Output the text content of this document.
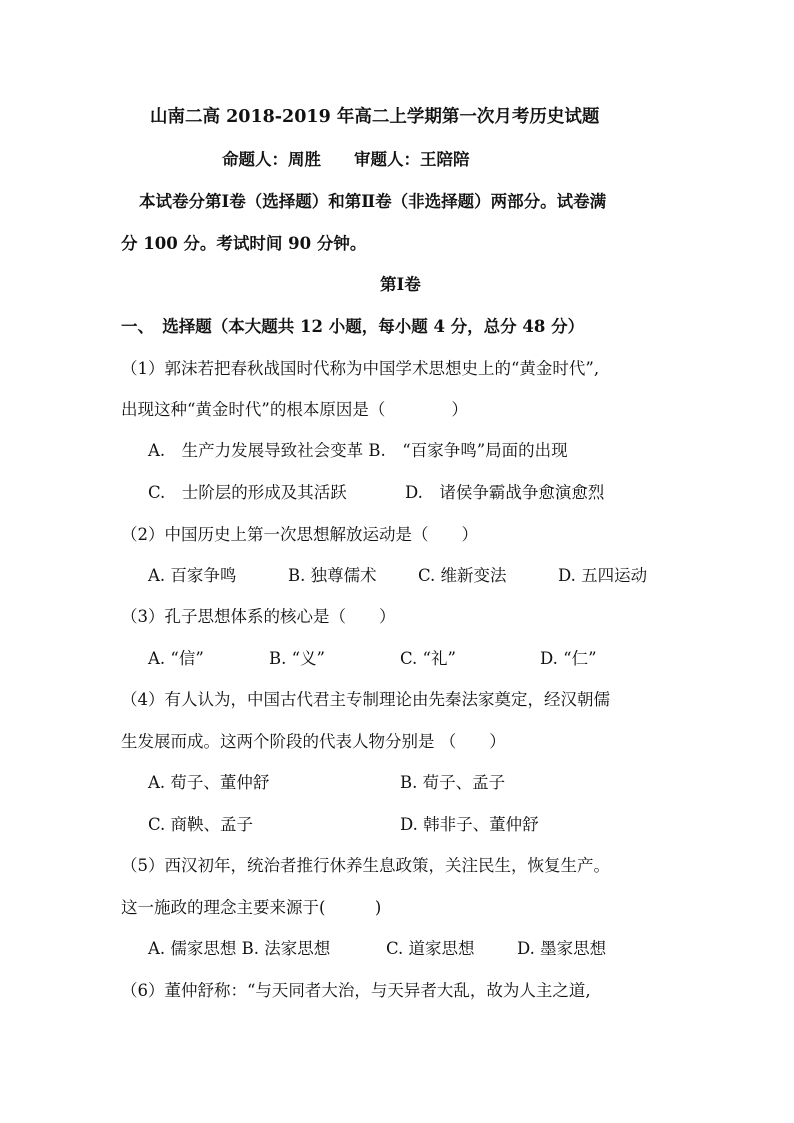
山南二高 2018-2019 年高二上学期第一次月考历史试题
命题人：周胜　　审题人：王陪陪
本试卷分第Ⅰ卷（选择题）和第Ⅱ卷（非选择题）两部分。试卷满
分 100 分。考试时间 90 分钟。
第Ⅰ卷
一、　选择题（本大题共 12 小题，每小题 4 分，总分 48 分）
（1）郭沫若把春秋战国时代称为中国学术思想史上的“黄金时代”,
出现这种“黄金时代”的根本原因是（　　　　）
A.　生产力发展导致社会变革 B.　“百家争鸣”局面的出现
C.　士阶层的形成及其活跃	D.　诸侯争霸战争愈演愈烈
（2）中国历史上第一次思想解放运动是（　　）
A. 百家争鸣	B. 独尊儒术	C. 维新变法	D. 五四运动
（3）孔子思想体系的核心是（　　）
A. “信”	B. “义”	C. “礼”	D. “仁”
（4）有人认为，中国古代君主专制理论由先秦法家奠定，经汉朝儒
生发展而成。这两个阶段的代表人物分别是 （　　）
A. 荀子、董仲舒	B. 荀子、孟子
C. 商鞅、孟子	D. 韩非子、董仲舒
（5）西汉初年，统治者推行休养生息政策，关注民生，恢复生产。
这一施政的理念主要来源于(　　　)
A. 儒家思想 B. 法家思想	C. 道家思想	D. 墨家思想
（6）董仲舒称：“与天同者大治，与天异者大乱，故为人主之道,
